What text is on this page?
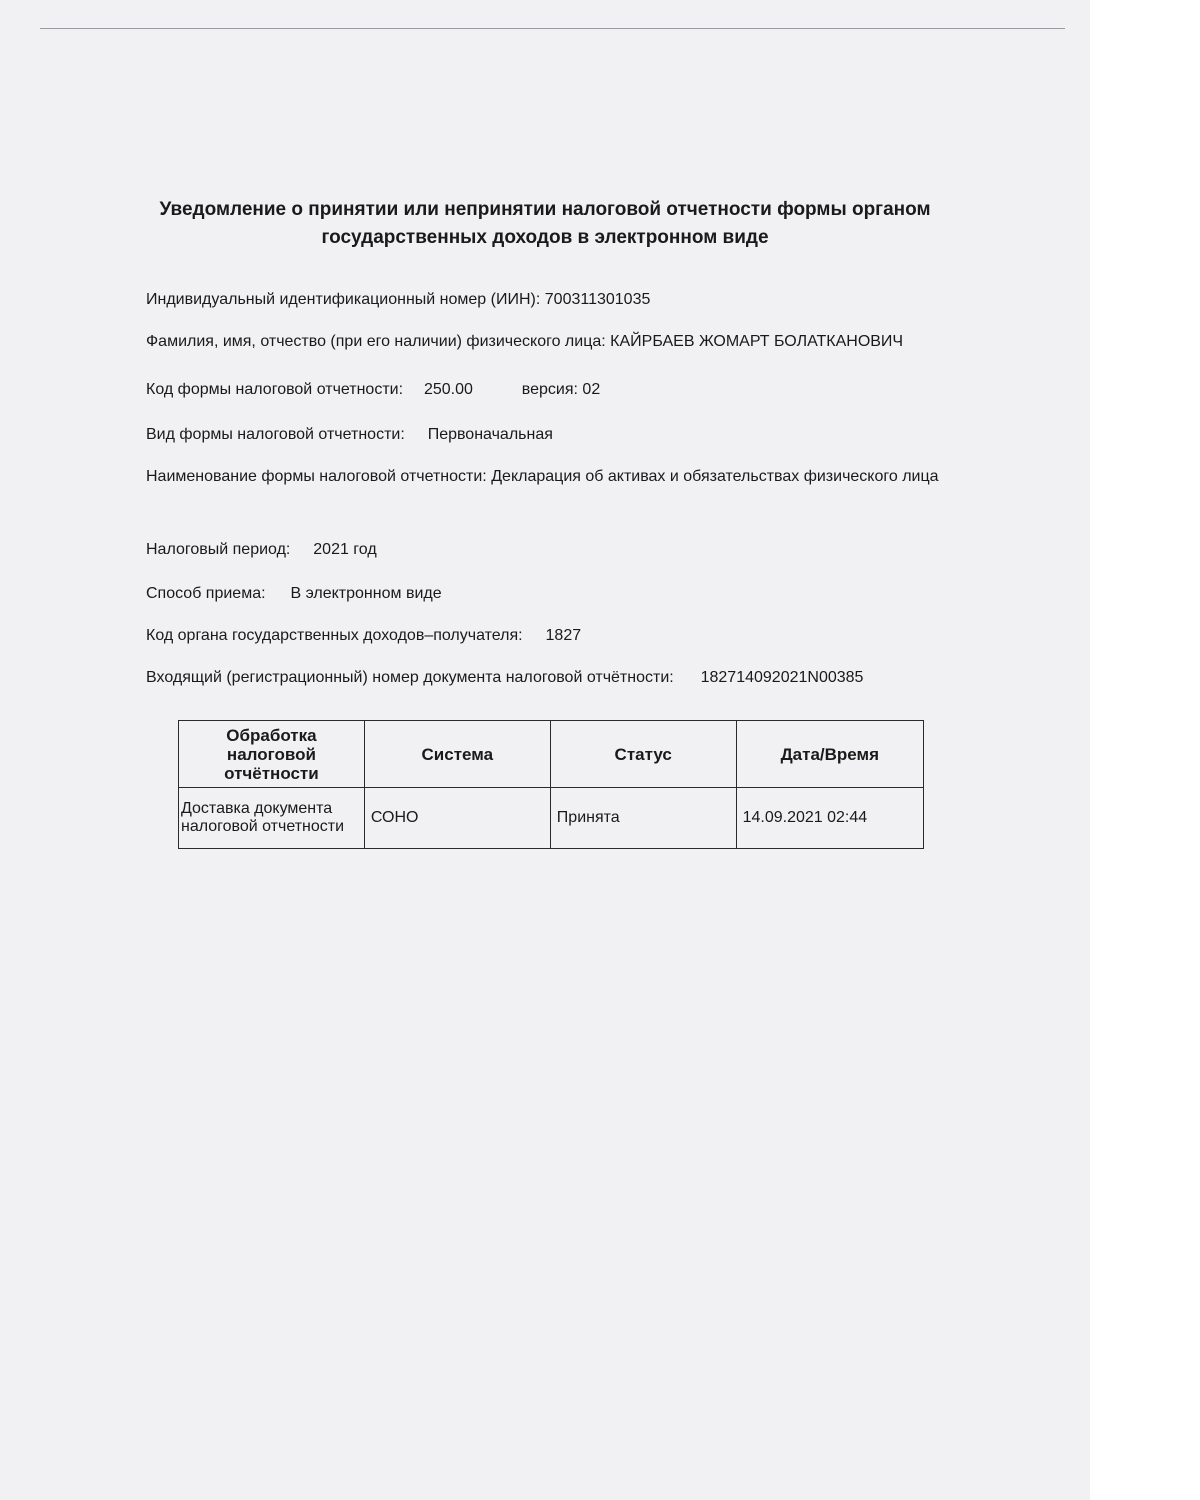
Уведомление о принятии или непринятии налоговой отчетности формы органом государственных доходов в электронном виде
Индивидуальный идентификационный номер (ИИН): 700311301035
Фамилия, имя, отчество (при его наличии) физического лица: КАЙРБАЕВ ЖОМАРТ БОЛАТКАНОВИЧ
Код формы налоговой отчетности: 250.00	версия: 02
Вид формы налоговой отчетности: Первоначальная
Наименование формы налоговой отчетности: Декларация об активах и обязательствах физического лица
Налоговый период: 2021 год
Способ приема: В электронном виде
Код органа государственных доходов–получателя: 1827
Входящий (регистрационный) номер документа налоговой отчётности: 182714092021N00385
Обработка налоговой отчётности	Система	Статус	Дата/Время
Доставка документа налоговой отчетности	СОНО	Принята	14.09.2021 02:44
